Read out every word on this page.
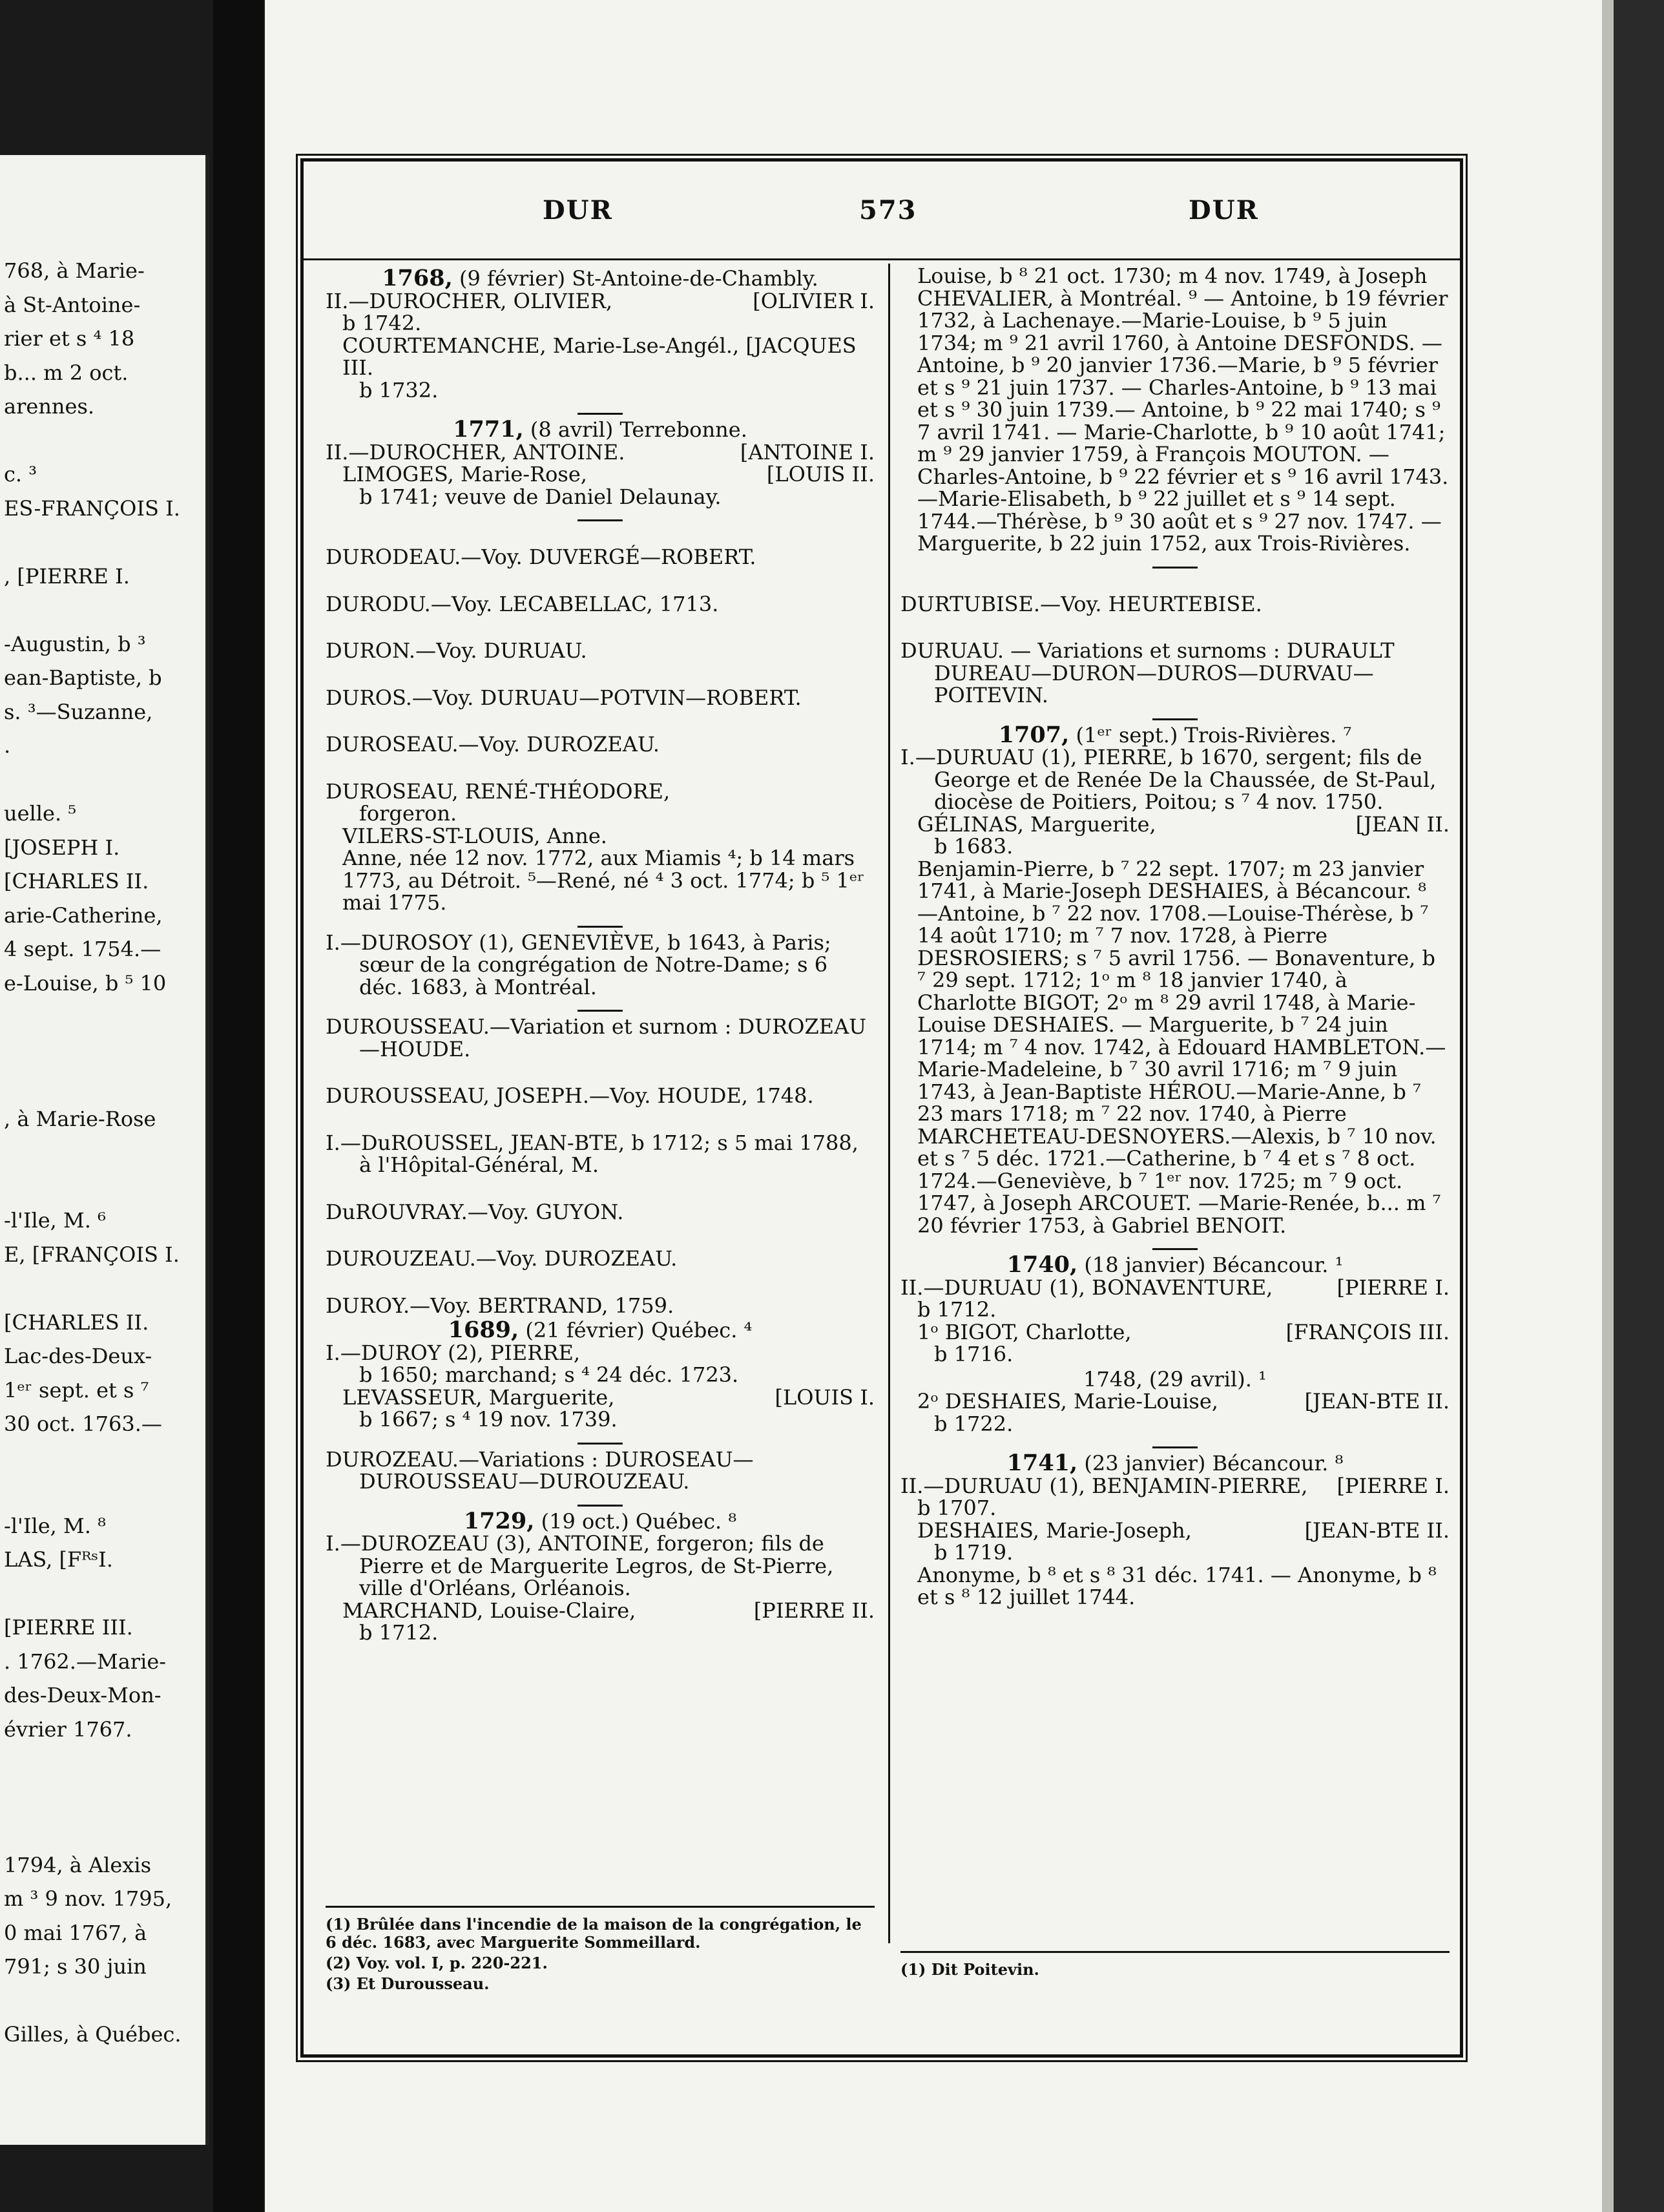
768, à Marie-
à St-Antoine-
rier et s ⁴ 18
b... m 2 oct.
arennes.
c. ³
ES-FRANÇOIS I.
, [PIERRE I.
-Augustin, b ³
ean-Baptiste, b
s. ³—Suzanne,
.
uelle. ⁵
[JOSEPH I.
[CHARLES II.
arie-Catherine,
4 sept. 1754.—
e-Louise, b ⁵ 10
, à Marie-Rose
-l'Ile, M. ⁶
E, [FRANÇOIS I.
[CHARLES II.
Lac-des-Deux-
1ᵉʳ sept. et s ⁷
30 oct. 1763.—
-l'Ile, M. ⁸
LAS, [FᴿˢI.
[PIERRE III.
. 1762.—Marie-
des-Deux-Mon-
évrier 1767.
1794, à Alexis
m ³ 9 nov. 1795,
0 mai 1767, à
791; s 30 juin
Gilles, à Québec.
DUR	573	DUR

1768, (9 février) St-Antoine-de-Chambly.

[OLIVIER I.
II.—DUROCHER, OLIVIER,

b 1742.

COURTEMANCHE, Marie-Lse-Angél., [JACQUES III.

b 1732.

1771, (8 avril) Terrebonne.

[ANTOINE I.
II.—DUROCHER, ANTOINE.

[LOUIS II.
LIMOGES, Marie-Rose,

b 1741; veuve de Daniel Delaunay.

DURODEAU.—Voy. DUVERGÉ—ROBERT.

DURODU.—Voy. LECABELLAC, 1713.

DURON.—Voy. DURUAU.

DUROS.—Voy. DURUAU—POTVIN—ROBERT.

DUROSEAU.—Voy. DUROZEAU.

DUROSEAU, RENÉ-THÉODORE,

forgeron.

VILERS-ST-LOUIS, Anne.

Anne, née 12 nov. 1772, aux Miamis ⁴; b 14 mars 1773, au Détroit. ⁵—René, né ⁴ 3 oct. 1774; b ⁵ 1ᵉʳ mai 1775.

I.—DUROSOY (1), GENEVIÈVE, b 1643, à Paris; sœur de la congrégation de Notre-Dame; s 6 déc. 1683, à Montréal.

DUROUSSEAU.—Variation et surnom : DUROZEAU—HOUDE.

DUROUSSEAU, JOSEPH.—Voy. HOUDE, 1748.

I.—DuROUSSEL, JEAN-BTE, b 1712; s 5 mai 1788, à l'Hôpital-Général, M.

DuROUVRAY.—Voy. GUYON.

DUROUZEAU.—Voy. DUROZEAU.

DUROY.—Voy. BERTRAND, 1759.

1689, (21 février) Québec. ⁴

I.—DUROY (2), PIERRE,

b 1650; marchand; s ⁴ 24 déc. 1723.

[LOUIS I.
LEVASSEUR, Marguerite,

b 1667; s ⁴ 19 nov. 1739.

DUROZEAU.—Variations : DUROSEAU—DUROUSSEAU—DUROUZEAU.

1729, (19 oct.) Québec. ⁸

I.—DUROZEAU (3), ANTOINE, forgeron; fils de Pierre et de Marguerite Legros, de St-Pierre, ville d'Orléans, Orléanois.

[PIERRE II.
MARCHAND, Louise-Claire,

b 1712.

Louise, b ⁸ 21 oct. 1730; m 4 nov. 1749, à Joseph CHEVALIER, à Montréal. ⁹ — Antoine, b 19 février 1732, à Lachenaye.—Marie-Louise, b ⁹ 5 juin 1734; m ⁹ 21 avril 1760, à Antoine DESFONDS. —Antoine, b ⁹ 20 janvier 1736.—Marie, b ⁹ 5 février et s ⁹ 21 juin 1737. — Charles-Antoine, b ⁹ 13 mai et s ⁹ 30 juin 1739.— Antoine, b ⁹ 22 mai 1740; s ⁹ 7 avril 1741. — Marie-Charlotte, b ⁹ 10 août 1741; m ⁹ 29 janvier 1759, à François MOUTON. — Charles-Antoine, b ⁹ 22 février et s ⁹ 16 avril 1743.—Marie-Elisabeth, b ⁹ 22 juillet et s ⁹ 14 sept. 1744.—Thérèse, b ⁹ 30 août et s ⁹ 27 nov. 1747. — Marguerite, b 22 juin 1752, aux Trois-Rivières.

DURTUBISE.—Voy. HEURTEBISE.

DURUAU. — Variations et surnoms : DURAULT DUREAU—DURON—DUROS—DURVAU— POITEVIN.

1707, (1ᵉʳ sept.) Trois-Rivières. ⁷

I.—DURUAU (1), PIERRE, b 1670, sergent; fils de George et de Renée De la Chaussée, de St-Paul, diocèse de Poitiers, Poitou; s ⁷ 4 nov. 1750.

[JEAN II.
GÉLINAS, Marguerite,

b 1683.

Benjamin-Pierre, b ⁷ 22 sept. 1707; m 23 janvier 1741, à Marie-Joseph DESHAIES, à Bécancour. ⁸ —Antoine, b ⁷ 22 nov. 1708.—Louise-Thérèse, b ⁷ 14 août 1710; m ⁷ 7 nov. 1728, à Pierre DESROSIERS; s ⁷ 5 avril 1756. — Bonaventure, b ⁷ 29 sept. 1712; 1ᵒ m ⁸ 18 janvier 1740, à Charlotte BIGOT; 2ᵒ m ⁸ 29 avril 1748, à Marie-Louise DESHAIES. — Marguerite, b ⁷ 24 juin 1714; m ⁷ 4 nov. 1742, à Edouard HAMBLETON.—Marie-Madeleine, b ⁷ 30 avril 1716; m ⁷ 9 juin 1743, à Jean-Baptiste HÉROU.—Marie-Anne, b ⁷ 23 mars 1718; m ⁷ 22 nov. 1740, à Pierre MARCHETEAU-DESNOYERS.—Alexis, b ⁷ 10 nov. et s ⁷ 5 déc. 1721.—Catherine, b ⁷ 4 et s ⁷ 8 oct. 1724.—Geneviève, b ⁷ 1ᵉʳ nov. 1725; m ⁷ 9 oct. 1747, à Joseph ARCOUET. —Marie-Renée, b... m ⁷ 20 février 1753, à Gabriel BENOIT.

1740, (18 janvier) Bécancour. ¹

[PIERRE I.
II.—DURUAU (1), BONAVENTURE,

b 1712.

[FRANÇOIS III.
1ᵒ BIGOT, Charlotte,

b 1716.

1748, (29 avril). ¹

[JEAN-BTE II.
2ᵒ DESHAIES, Marie-Louise,

b 1722.

1741, (23 janvier) Bécancour. ⁸

[PIERRE I.
II.—DURUAU (1), BENJAMIN-PIERRE,

b 1707.

[JEAN-BTE II.
DESHAIES, Marie-Joseph,

b 1719.

Anonyme, b ⁸ et s ⁸ 31 déc. 1741. — Anonyme, b ⁸ et s ⁸ 12 juillet 1744.

(1) Brûlée dans l'incendie de la maison de la congrégation, le 6 déc. 1683, avec Marguerite Sommeillard.

(2) Voy. vol. I, p. 220-221.

(3) Et Durousseau.

(1) Dit Poitevin.
